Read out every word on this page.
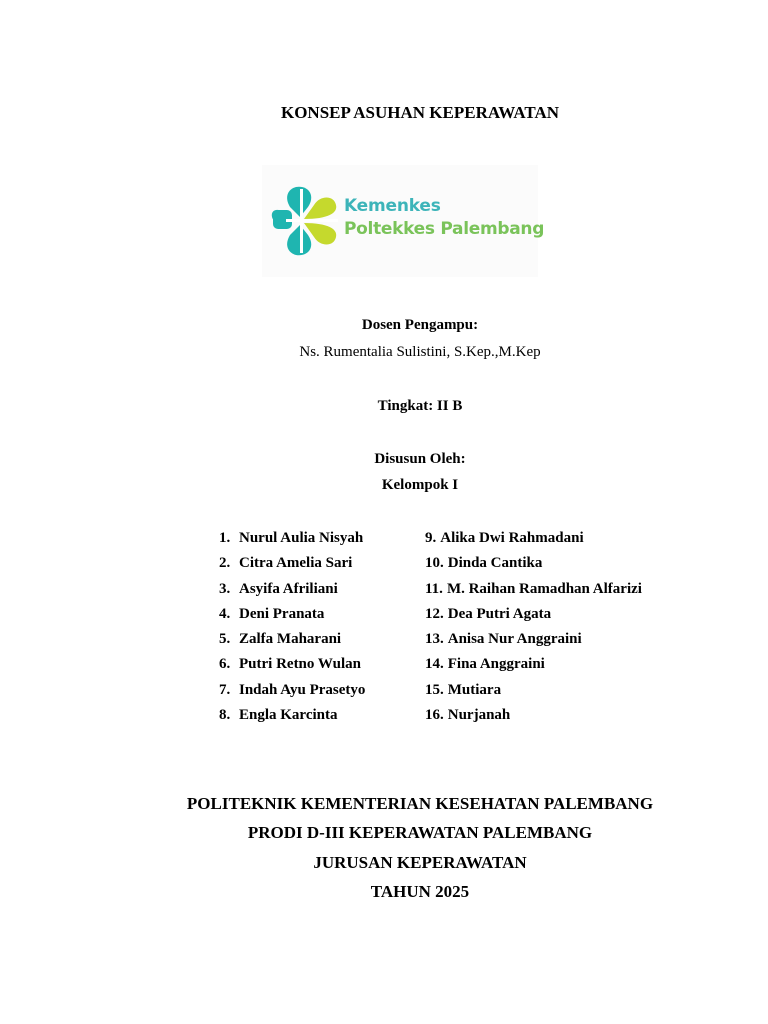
KONSEP ASUHAN KEPERAWATAN
Kemenkes
Poltekkes Palembang
Dosen Pengampu:
Ns. Rumentalia Sulistini, S.Kep.,M.Kep
Tingkat: II B
Disusun Oleh:
Kelompok I
1. Nurul Aulia Nisyah
2. Citra Amelia Sari
3. Asyifa Afriliani
4. Deni Pranata
5. Zalfa Maharani
6. Putri Retno Wulan
7. Indah Ayu Prasetyo
8. Engla Karcinta
9. Alika Dwi Rahmadani
10. Dinda Cantika
11. M. Raihan Ramadhan Alfarizi
12. Dea Putri Agata
13. Anisa Nur Anggraini
14. Fina Anggraini
15. Mutiara
16. Nurjanah
POLITEKNIK KEMENTERIAN KESEHATAN PALEMBANG
PRODI D-III KEPERAWATAN PALEMBANG
JURUSAN KEPERAWATAN
TAHUN 2025
